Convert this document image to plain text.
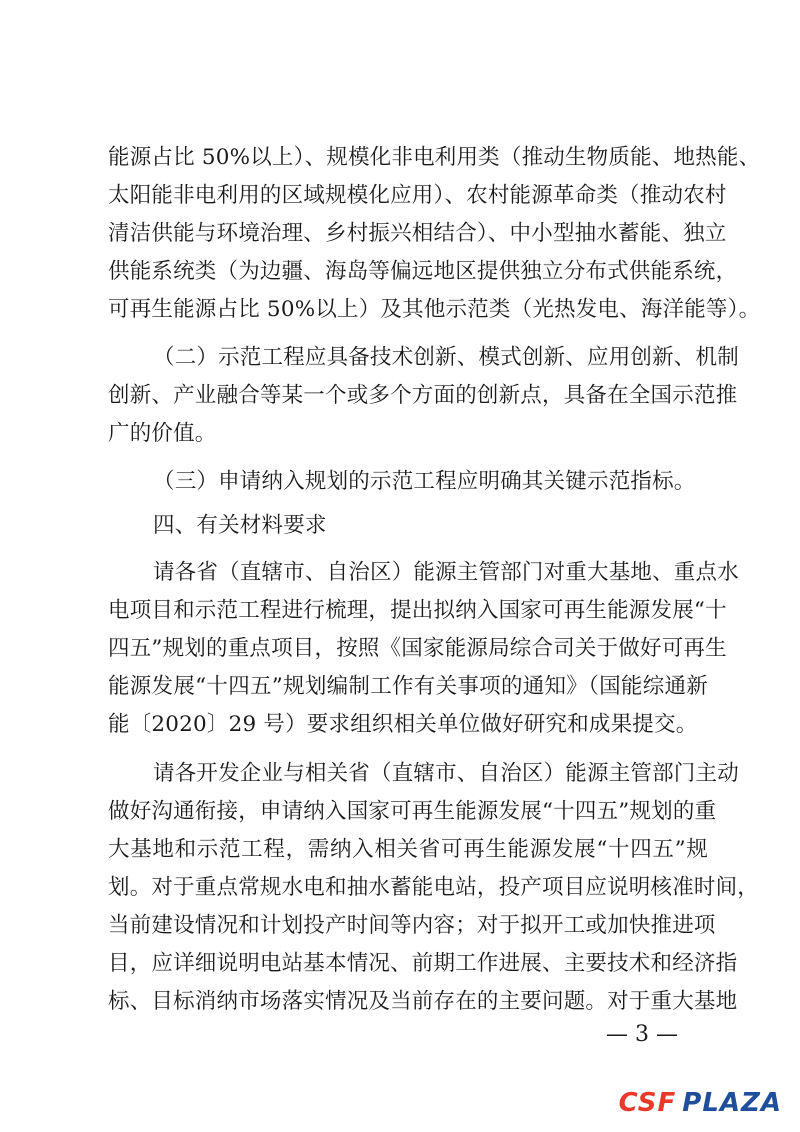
能源占比 50%以上）、规模化非电利用类（推动生物质能、地热能、
太阳能非电利用的区域规模化应用）、农村能源革命类（推动农村
清洁供能与环境治理、乡村振兴相结合）、中小型抽水蓄能、独立
供能系统类（为边疆、海岛等偏远地区提供独立分布式供能系统，
可再生能源占比 50%以上）及其他示范类（光热发电、海洋能等）。
（二）示范工程应具备技术创新、模式创新、应用创新、机制
创新、产业融合等某一个或多个方面的创新点，具备在全国示范推
广的价值。
（三）申请纳入规划的示范工程应明确其关键示范指标。
四、有关材料要求
请各省（直辖市、自治区）能源主管部门对重大基地、重点水
电项目和示范工程进行梳理，提出拟纳入国家可再生能源发展“十
四五”规划的重点项目，按照《国家能源局综合司关于做好可再生
能源发展“十四五”规划编制工作有关事项的通知》（国能综通新
能〔2020〕29 号）要求组织相关单位做好研究和成果提交。
请各开发企业与相关省（直辖市、自治区）能源主管部门主动
做好沟通衔接，申请纳入国家可再生能源发展“十四五”规划的重
大基地和示范工程，需纳入相关省可再生能源发展“十四五”规
划。对于重点常规水电和抽水蓄能电站，投产项目应说明核准时间，
当前建设情况和计划投产时间等内容；对于拟开工或加快推进项
目，应详细说明电站基本情况、前期工作进展、主要技术和经济指
标、目标消纳市场落实情况及当前存在的主要问题。对于重大基地
— 3 —
CSF PLAZA
